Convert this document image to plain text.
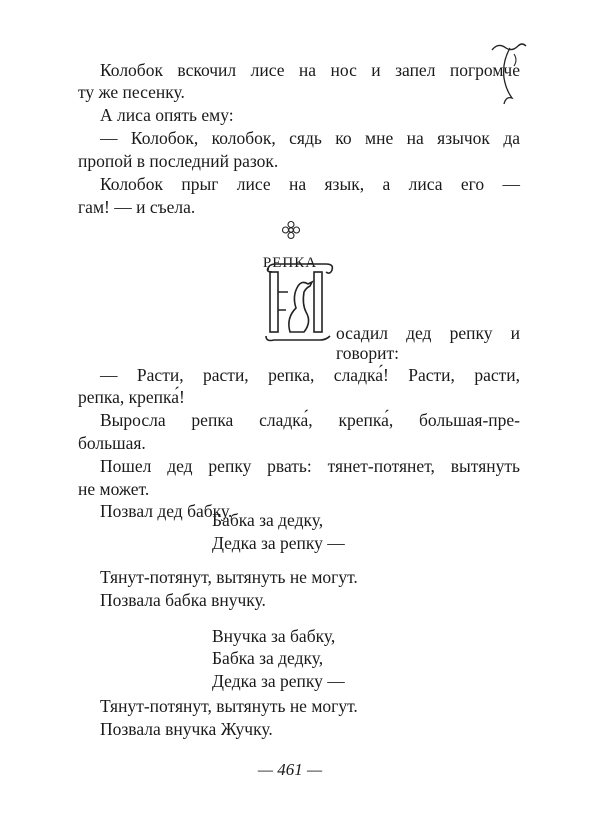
Колобок вскочил лисе на нос и запел погромче
ту же песенку.
А лиса опять ему:
— Колобок, колобок, сядь ко мне на язычок да
пропой в последний разок.
Колобок прыг лисе на язык, а лиса его —
гам! — и съела.
РЕПКА
осадил дед репку и
говорит:
— Расти, расти, репка, сладка́! Расти, расти,
репка, крепка́!
Выросла репка сладка́, крепка́, большая-пре-
большая.
Пошел дед репку рвать: тянет-потянет, вытянуть
не может.
Позвал дед бабку.
Бабка за дедку,
Дедка за репку —
Тянут-потянут, вытянуть не могут.
Позвала бабка внучку.
Внучка за бабку,
Бабка за дедку,
Дедка за репку —
Тянут-потянут, вытянуть не могут.
Позвала внучка Жучку.
— 461 —
